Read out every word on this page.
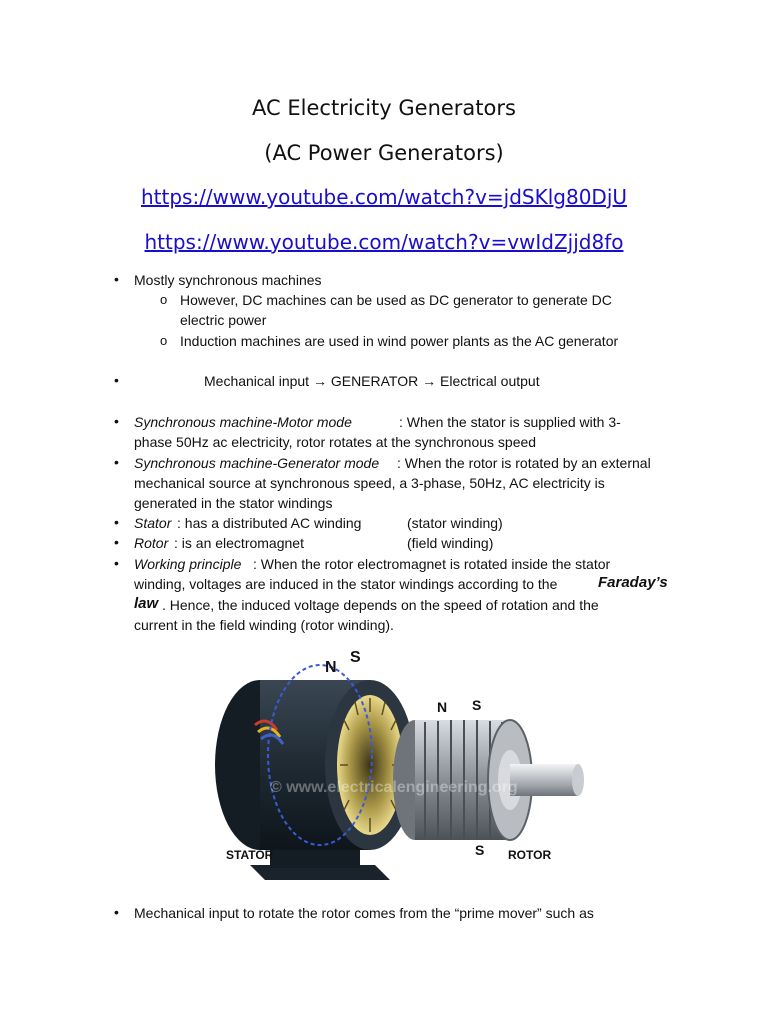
AC Electricity Generators
(AC Power Generators)
https://www.youtube.com/watch?v=jdSKlg80DjU
https://www.youtube.com/watch?v=vwIdZjjd8fo
• Mostly synchronous machines
o However, DC machines can be used as DC generator to generate DC
electric power
o Induction machines are used in wind power plants as the AC generator
•	Mechanical input → GENERATOR → Electrical output
• Synchronous machine-Motor mode	: When the stator is supplied with 3-
phase 50Hz ac electricity, rotor rotates at the synchronous speed
• Synchronous machine-Generator mode : When the rotor is rotated by an external
mechanical source at synchronous speed, a 3-phase, 50Hz, AC electricity is
generated in the stator windings
• Stator : has a distributed AC winding	(stator winding)
• Rotor : is an electromagnet	(field winding)
• Working principle : When the rotor electromagnet is rotated inside the stator
winding, voltages are induced in the stator windings according to the	Faraday’s
law . Hence, the induced voltage depends on the speed of rotation and the
current in the field winding (rotor winding).
© www.electricalengineering.org
N
S
S
N
S
STATOR	ROTOR
• Mechanical input to rotate the rotor comes from the “prime mover” such as
